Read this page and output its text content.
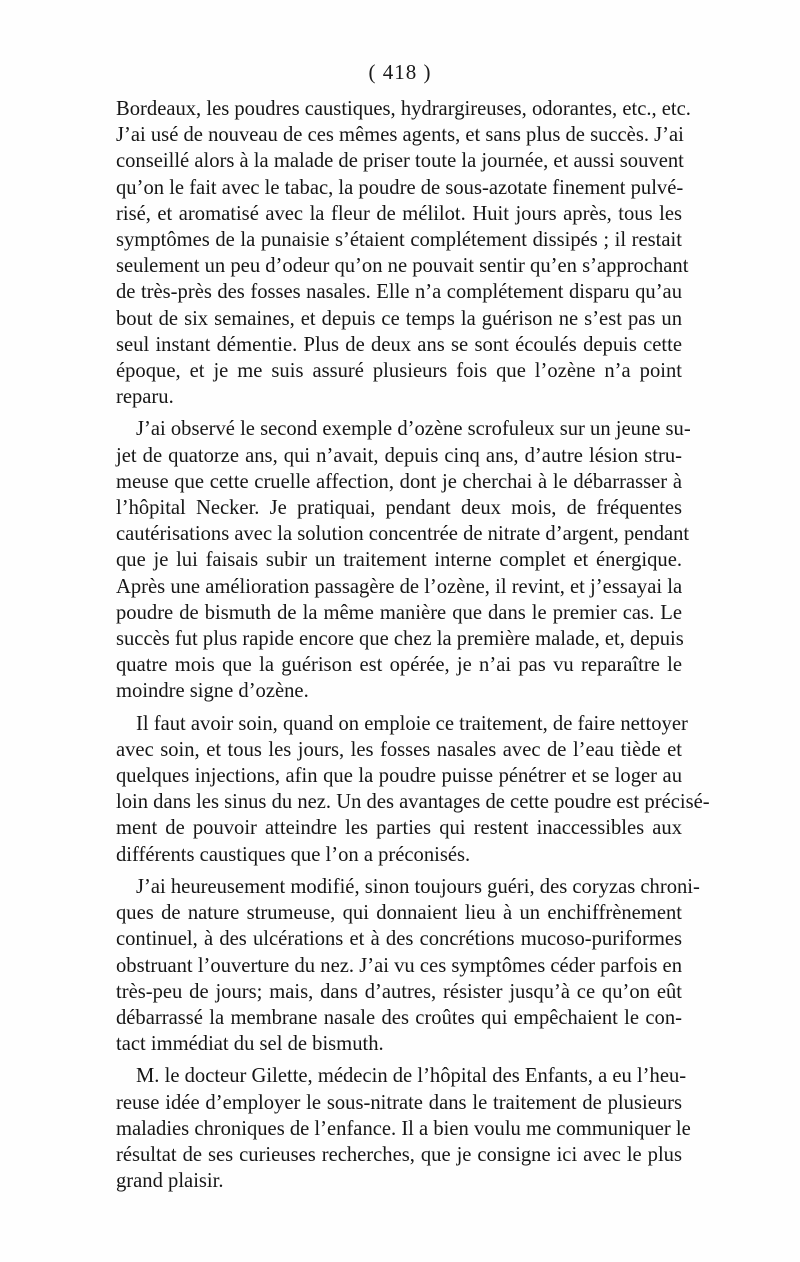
( 418 )
Bordeaux, les poudres caustiques, hydrargireuses, odorantes, etc., etc.
J’ai usé de nouveau de ces mêmes agents, et sans plus de succès. J’ai
conseillé alors à la malade de priser toute la journée, et aussi souvent
qu’on le fait avec le tabac, la poudre de sous-azotate finement pulvé-
risé, et aromatisé avec la fleur de mélilot. Huit jours après, tous les
symptômes de la punaisie s’étaient complétement dissipés ; il restait
seulement un peu d’odeur qu’on ne pouvait sentir qu’en s’approchant
de très-près des fosses nasales. Elle n’a complétement disparu qu’au
bout de six semaines, et depuis ce temps la guérison ne s’est pas un
seul instant démentie. Plus de deux ans se sont écoulés depuis cette
époque, et je me suis assuré plusieurs fois que l’ozène n’a point
reparu.
J’ai observé le second exemple d’ozène scrofuleux sur un jeune su-
jet de quatorze ans, qui n’avait, depuis cinq ans, d’autre lésion stru-
meuse que cette cruelle affection, dont je cherchai à le débarrasser à
l’hôpital Necker. Je pratiquai, pendant deux mois, de fréquentes
cautérisations avec la solution concentrée de nitrate d’argent, pendant
que je lui faisais subir un traitement interne complet et énergique.
Après une amélioration passagère de l’ozène, il revint, et j’essayai la
poudre de bismuth de la même manière que dans le premier cas. Le
succès fut plus rapide encore que chez la première malade, et, depuis
quatre mois que la guérison est opérée, je n’ai pas vu reparaître le
moindre signe d’ozène.
Il faut avoir soin, quand on emploie ce traitement, de faire nettoyer
avec soin, et tous les jours, les fosses nasales avec de l’eau tiède et
quelques injections, afin que la poudre puisse pénétrer et se loger au
loin dans les sinus du nez. Un des avantages de cette poudre est précisé-
ment de pouvoir atteindre les parties qui restent inaccessibles aux
différents caustiques que l’on a préconisés.
J’ai heureusement modifié, sinon toujours guéri, des coryzas chroni-
ques de nature strumeuse, qui donnaient lieu à un enchiffrènement
continuel, à des ulcérations et à des concrétions mucoso-puriformes
obstruant l’ouverture du nez. J’ai vu ces symptômes céder parfois en
très-peu de jours; mais, dans d’autres, résister jusqu’à ce qu’on eût
débarrassé la membrane nasale des croûtes qui empêchaient le con-
tact immédiat du sel de bismuth.
M. le docteur Gilette, médecin de l’hôpital des Enfants, a eu l’heu-
reuse idée d’employer le sous-nitrate dans le traitement de plusieurs
maladies chroniques de l’enfance. Il a bien voulu me communiquer le
résultat de ses curieuses recherches, que je consigne ici avec le plus
grand plaisir.
